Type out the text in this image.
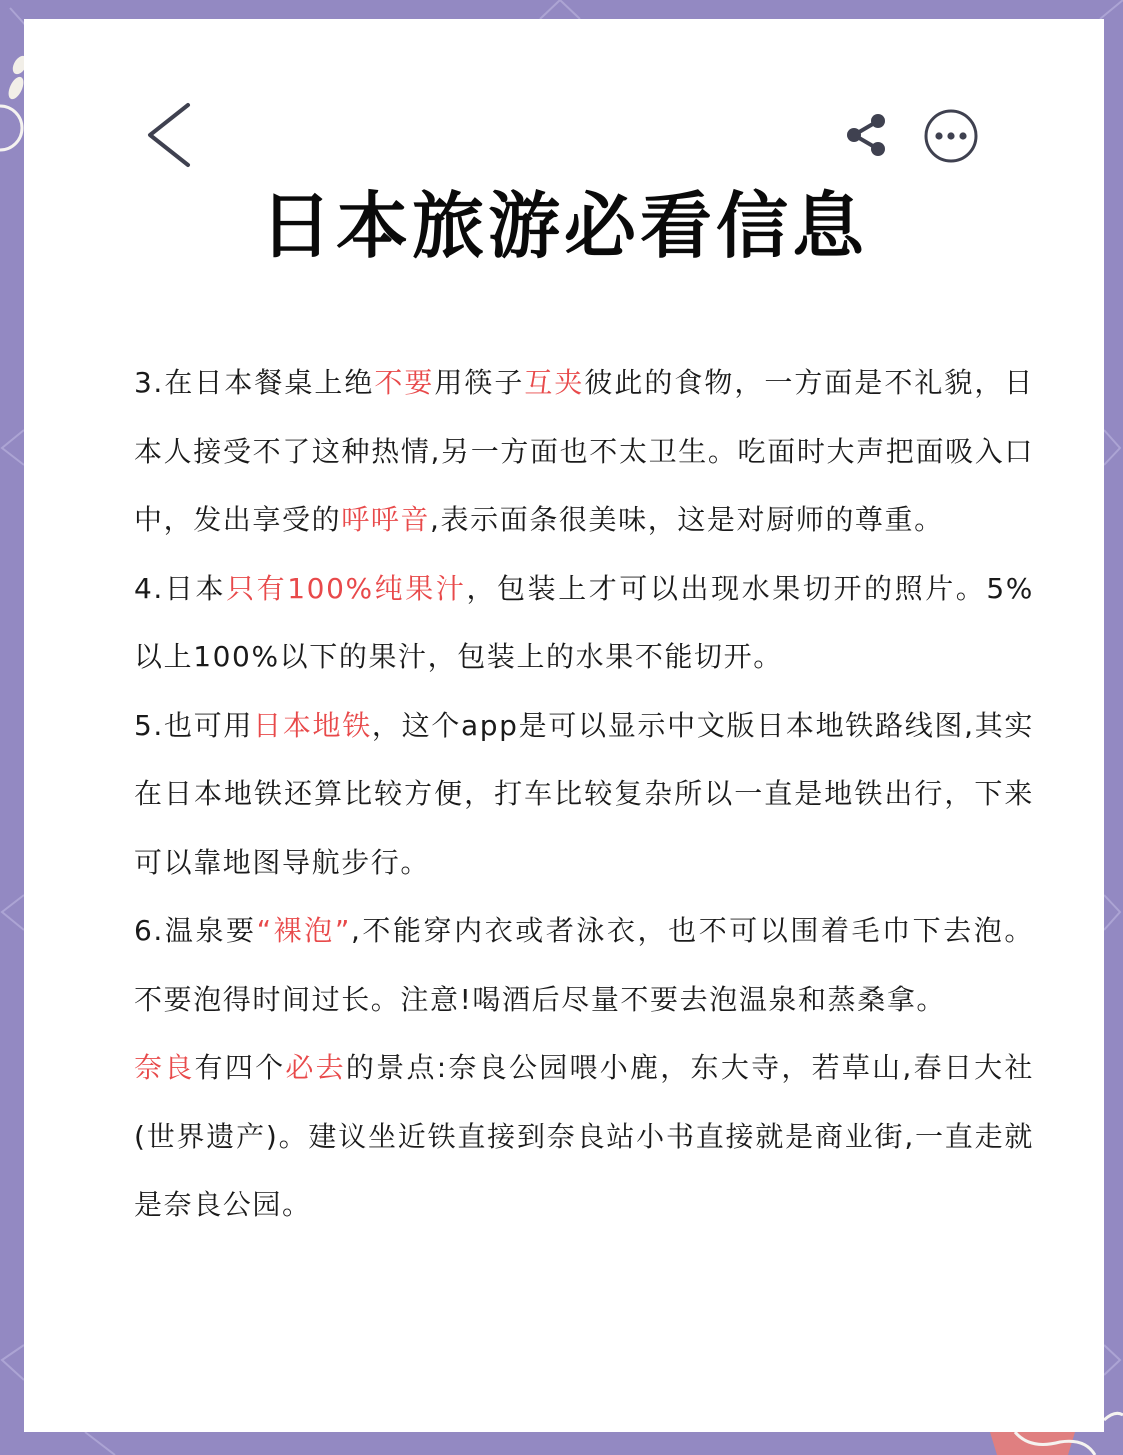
日本旅游必看信息

3.在日本餐桌上绝不要用筷子互夹彼此的食物，一方面是不礼貌，日本人接受不了这种热情,另一方面也不太卫生。吃面时大声把面吸入口中，发出享受的呼呼音,表示面条很美味，这是对厨师的尊重。

4.日本只有100%纯果汁，包装上才可以出现水果切开的照片。5%以上100%以下的果汁，包装上的水果不能切开。

5.也可用日本地铁，这个app是可以显示中文版日本地铁路线图,其实在日本地铁还算比较方便，打车比较复杂所以一直是地铁出行，下来可以靠地图导航步行。

6.温泉要“裸泡”,不能穿内衣或者泳衣，也不可以围着毛巾下去泡。不要泡得时间过长。注意!喝酒后尽量不要去泡温泉和蒸桑拿。

奈良有四个必去的景点:奈良公园喂小鹿，东大寺，若草山,春日大社(世界遗产)。建议坐近铁直接到奈良站小书直接就是商业街,一直走就是奈良公园。
